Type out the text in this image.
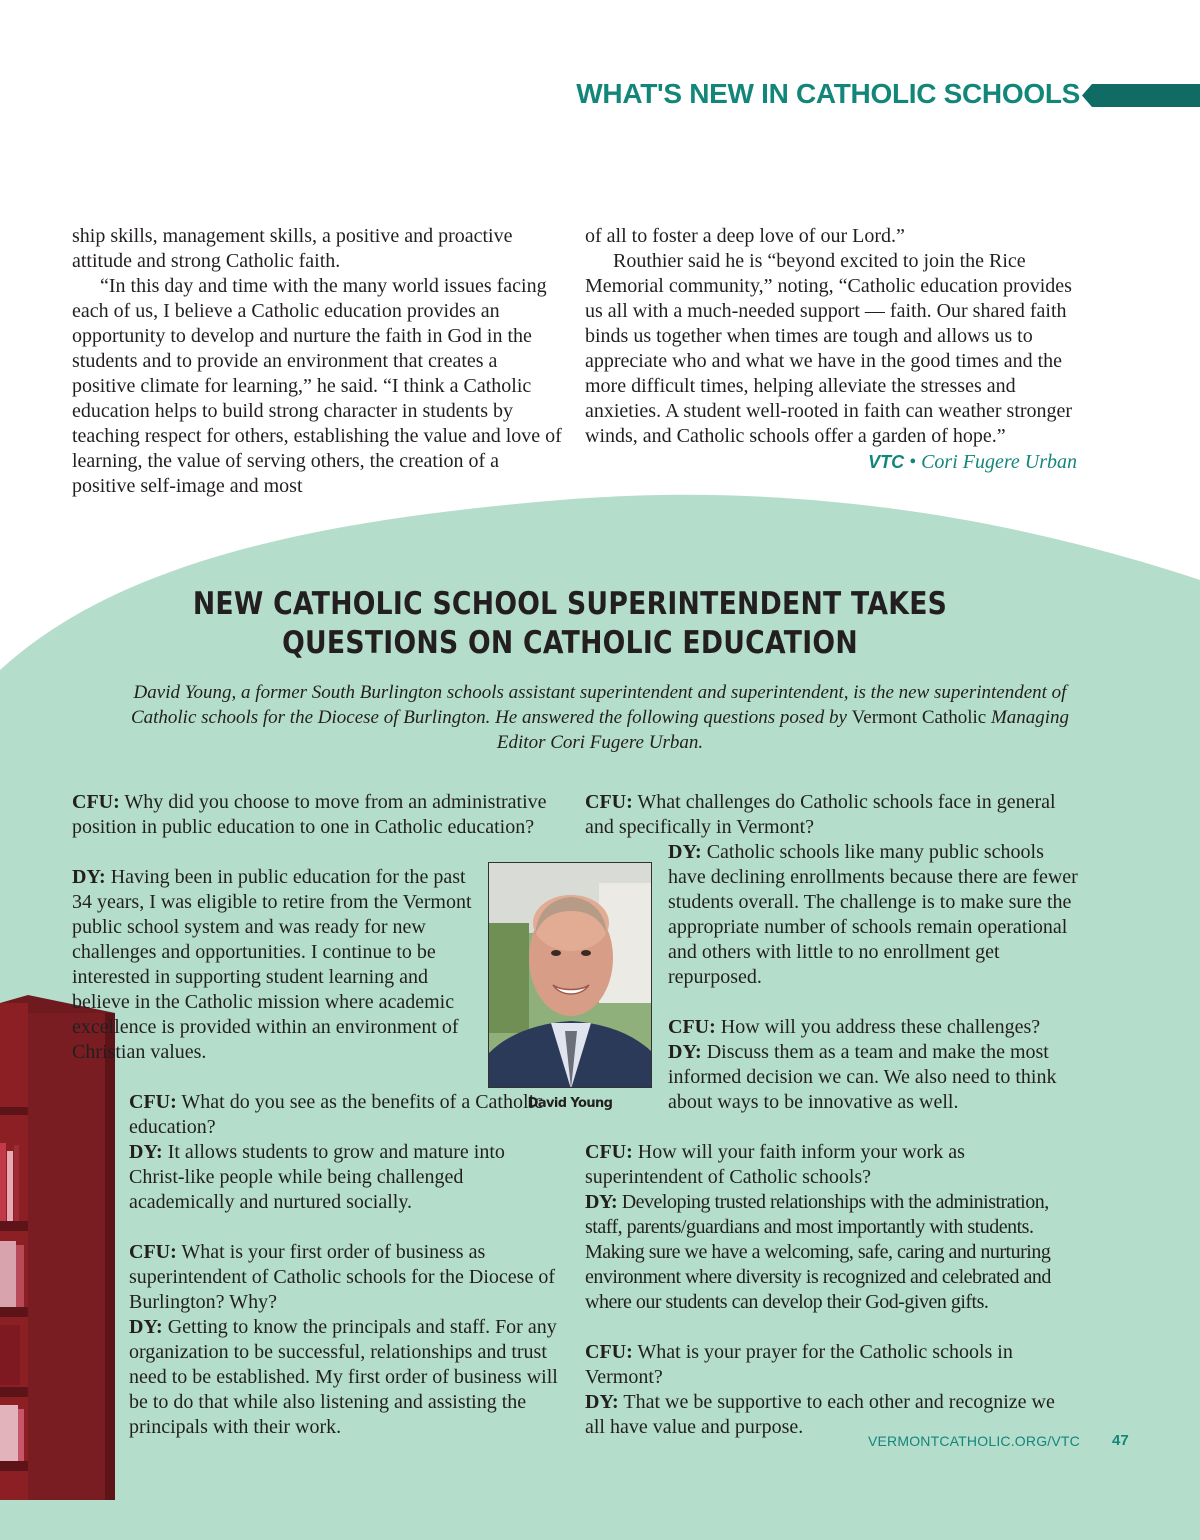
WHAT'S NEW IN CATHOLIC SCHOOLS

ship skills, management skills, a positive and proactive attitude and strong Catholic faith.

“In this day and time with the many world issues facing each of us, I believe a Catholic education provides an opportunity to develop and nurture the faith in God in the students and to provide an environment that creates a positive climate for learning,” he said. “I think a Catholic education helps to build strong character in students by teaching respect for others, establishing the value and love of learning, the value of serving others, the creation of a positive self-image and most

of all to foster a deep love of our Lord.”

Routhier said he is “beyond excited to join the Rice Memorial community,” noting, “Catholic education provides us all with a much-needed support — faith. Our shared faith binds us together when times are tough and allows us to appreciate who and what we have in the good times and the more difficult times, helping alleviate the stresses and anxieties. A student well-rooted in faith can weather stronger winds, and Catholic schools offer a garden of hope.”

VTC • Cori Fugere Urban
NEW CATHOLIC SCHOOL SUPERINTENDENT TAKES
QUESTIONS ON CATHOLIC EDUCATION
David Young, a former South Burlington schools assistant superintendent and superintendent, is the new superintendent of Catholic schools for the Diocese of Burlington. He answered the following questions posed by Vermont Catholic Managing Editor Cori Fugere Urban.
CFU: Why did you choose to move from an administrative position in public education to one in Catholic education?
DY: Having been in public education for the past 34 years, I was eligible to retire from the Vermont public school system and was ready for new challenges and opportunities. I continue to be interested in supporting student learning and believe in the Catholic mission where academic excellence is provided within an environment of Christian values.
CFU: What do you see as the benefits of a Catholic education?
DY: It allows students to grow and mature into Christ-like people while being challenged academically and nurtured socially.
CFU: What is your first order of business as superintendent of Catholic schools for the Diocese of Burlington? Why?
DY: Getting to know the principals and staff. For any organization to be successful, relationships and trust need to be established. My first order of business will be to do that while also listening and assisting the principals with their work.
David Young
CFU: What challenges do Catholic schools face in general and specifically in Vermont?
DY: Catholic schools like many public schools have declining enrollments because there are fewer students overall. The challenge is to make sure the appropriate number of schools remain operational and others with little to no enrollment get repurposed.
CFU: How will you address these challenges?
DY: Discuss them as a team and make the most informed decision we can. We also need to think about ways to be innovative as well.
CFU: How will your faith inform your work as superintendent of Catholic schools?
DY: Developing trusted relationships with the administration, staff, parents/guardians and most importantly with students. Making sure we have a welcoming, safe, caring and nurturing environment where diversity is recognized and celebrated and where our students can develop their God-given gifts.
CFU: What is your prayer for the Catholic schools in Vermont?
DY: That we be supportive to each other and recognize we all have value and purpose.
VERMONTCATHOLIC.ORG/VTC 47
